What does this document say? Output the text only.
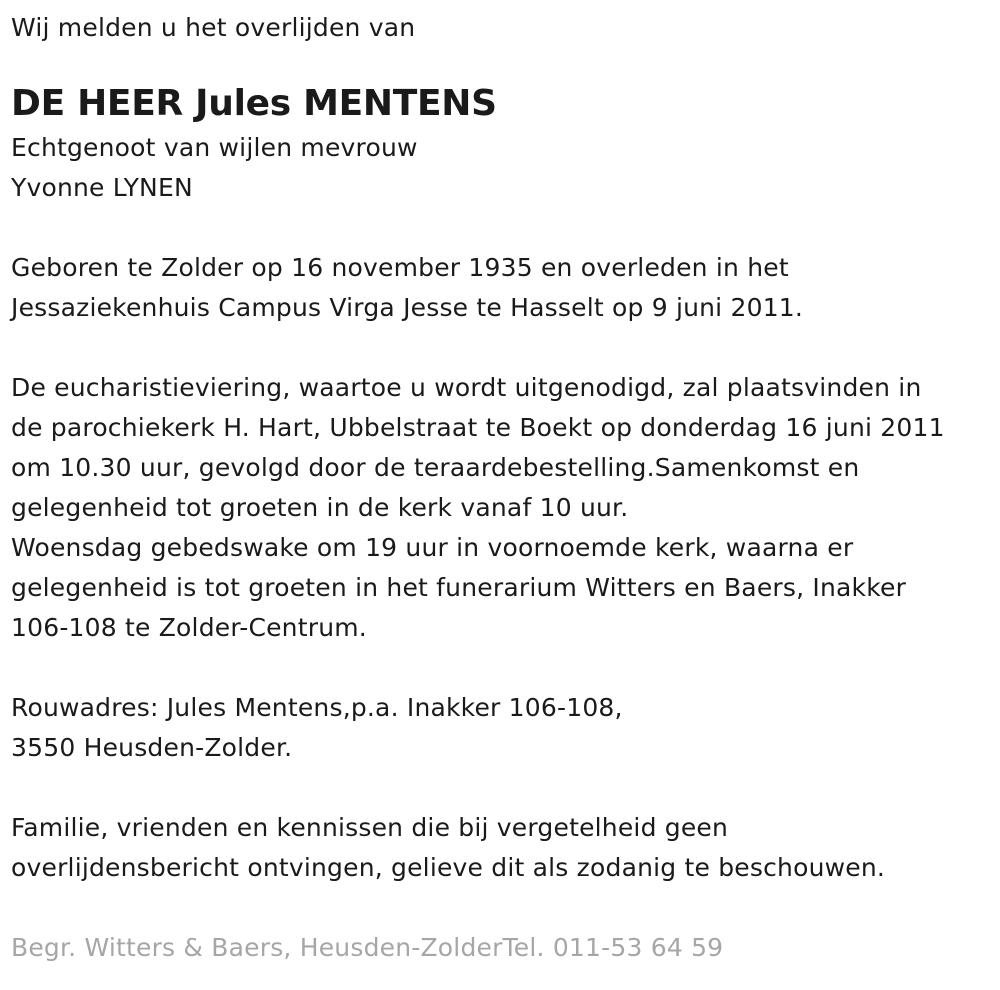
Wij melden u het overlijden van

DE HEER Jules MENTENS

Echtgenoot van wijlen mevrouw

Yvonne LYNEN

Geboren te Zolder op 16 november 1935 en overleden in het

Jessaziekenhuis Campus Virga Jesse te Hasselt op 9 juni 2011.

De eucharistieviering, waartoe u wordt uitgenodigd, zal plaatsvinden in

de parochiekerk H. Hart, Ubbelstraat te Boekt op donderdag 16 juni 2011

om 10.30 uur, gevolgd door de teraardebestelling.Samenkomst en

gelegenheid tot groeten in de kerk vanaf 10 uur.

Woensdag gebedswake om 19 uur in voornoemde kerk, waarna er

gelegenheid is tot groeten in het funerarium Witters en Baers, Inakker

106-108 te Zolder-Centrum.

Rouwadres: Jules Mentens,p.a. Inakker 106-108,

3550 Heusden-Zolder.

Familie, vrienden en kennissen die bij vergetelheid geen

overlijdensbericht ontvingen, gelieve dit als zodanig te beschouwen.

Begr. Witters & Baers, Heusden-ZolderTel. 011-53 64 59
